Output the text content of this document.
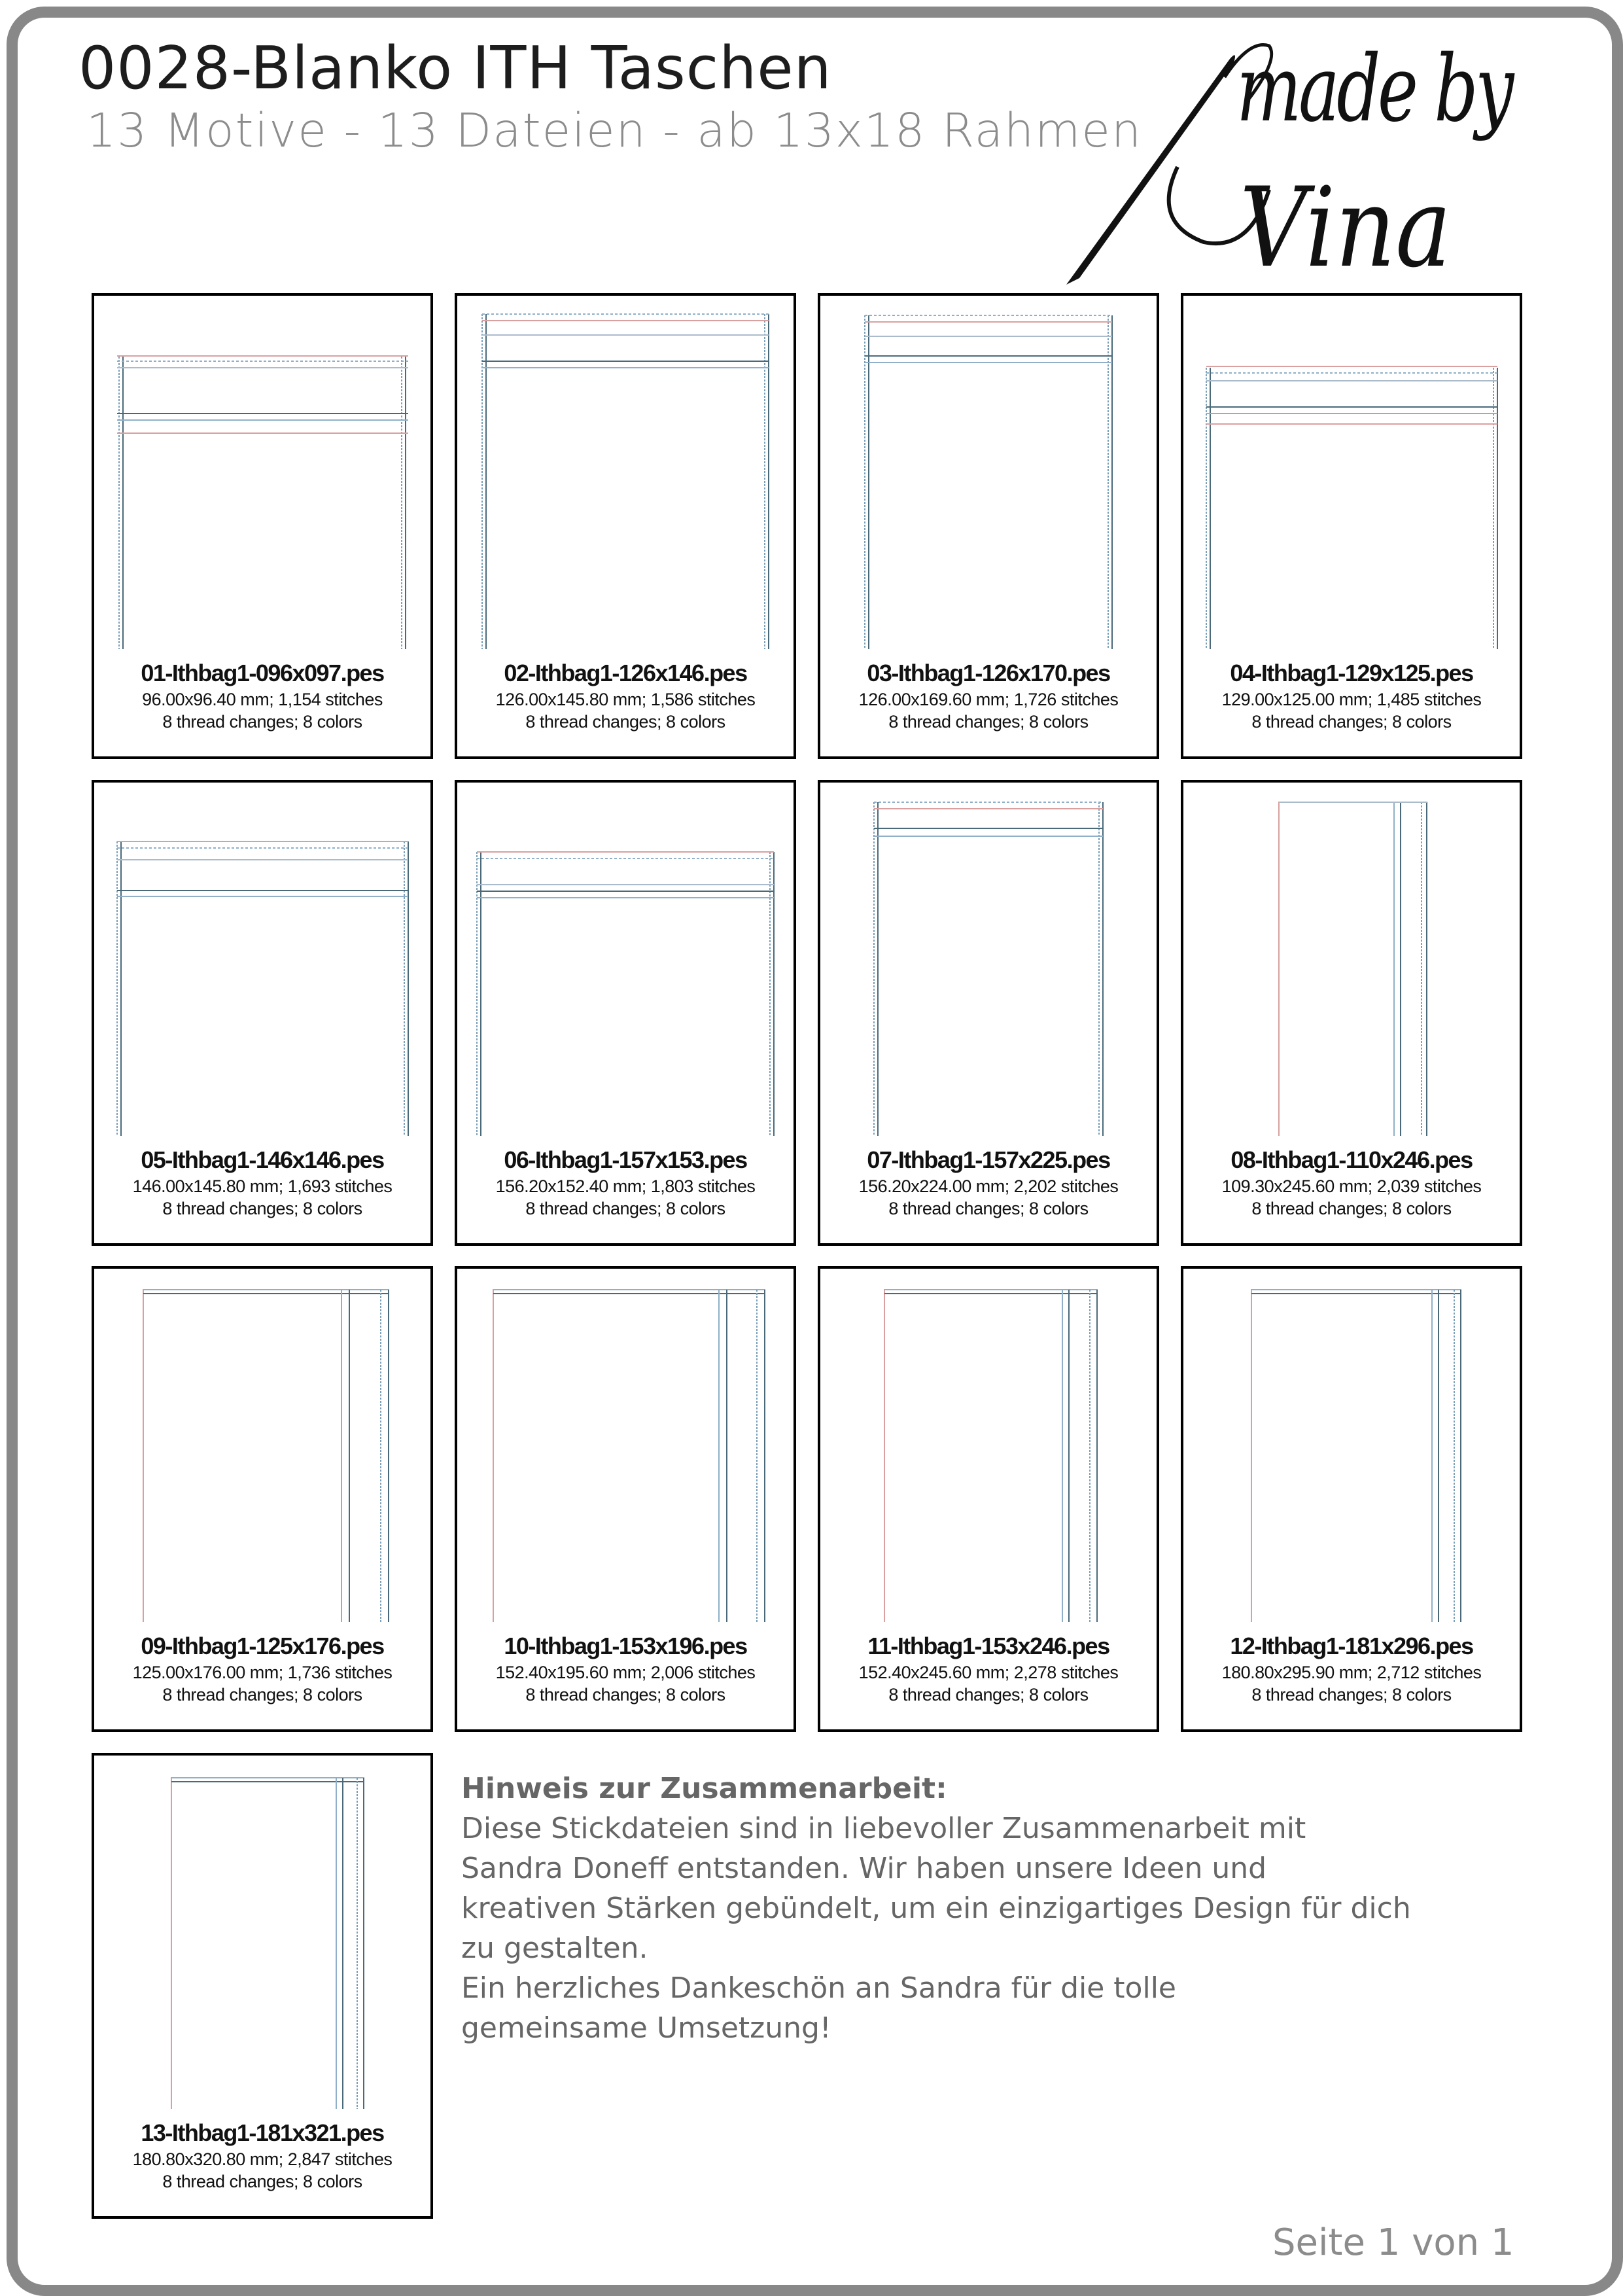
0028-Blanko ITH Taschen
13 Motive - 13 Dateien - ab 13x18 Rahmen made by
Vina
01-Ithbag1-096x097.pes
96.00x96.40 mm; 1,154 stitches
8 thread changes; 8 colors
02-Ithbag1-126x146.pes
126.00x145.80 mm; 1,586 stitches
8 thread changes; 8 colors
03-Ithbag1-126x170.pes
126.00x169.60 mm; 1,726 stitches
8 thread changes; 8 colors
04-Ithbag1-129x125.pes
129.00x125.00 mm; 1,485 stitches
8 thread changes; 8 colors
05-Ithbag1-146x146.pes
146.00x145.80 mm; 1,693 stitches
8 thread changes; 8 colors
06-Ithbag1-157x153.pes
156.20x152.40 mm; 1,803 stitches
8 thread changes; 8 colors
07-Ithbag1-157x225.pes
156.20x224.00 mm; 2,202 stitches
8 thread changes; 8 colors
08-Ithbag1-110x246.pes
109.30x245.60 mm; 2,039 stitches
8 thread changes; 8 colors
09-Ithbag1-125x176.pes
125.00x176.00 mm; 1,736 stitches
8 thread changes; 8 colors
10-Ithbag1-153x196.pes
152.40x195.60 mm; 2,006 stitches
8 thread changes; 8 colors
11-Ithbag1-153x246.pes
152.40x245.60 mm; 2,278 stitches
8 thread changes; 8 colors
12-Ithbag1-181x296.pes
180.80x295.90 mm; 2,712 stitches
8 thread changes; 8 colors
13-Ithbag1-181x321.pes
180.80x320.80 mm; 2,847 stitches
8 thread changes; 8 colors

Hinweis zur Zusammenarbeit:

Diese Stickdateien sind in liebevoller Zusammenarbeit mit

Sandra Doneff entstanden. Wir haben unsere Ideen und

kreativen Stärken gebündelt, um ein einzigartiges Design für dich

zu gestalten.

Ein herzliches Dankeschön an Sandra für die tolle

gemeinsame Umsetzung!

Seite 1 von 1
